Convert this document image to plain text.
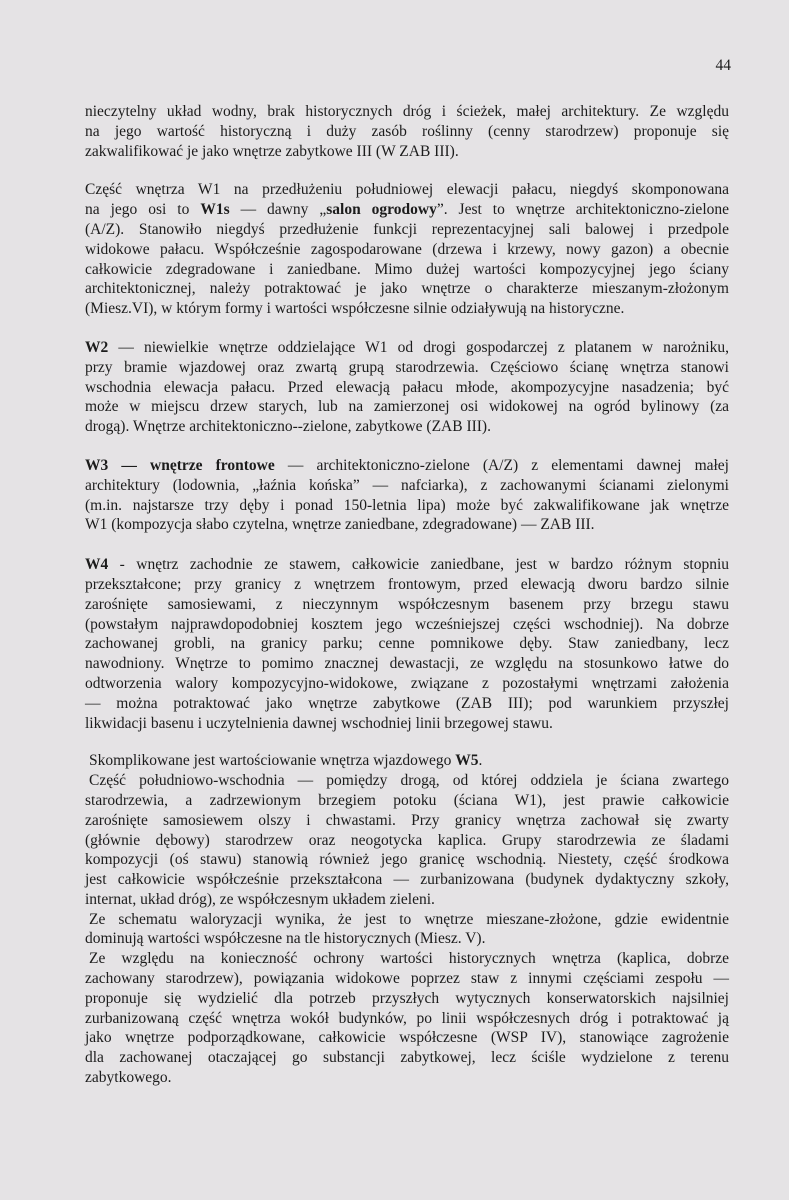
44

nieczytelny układ wodny, brak historycznych dróg i ścieżek, małej architektury. Ze względu

na jego wartość historyczną i duży zasób roślinny (cenny starodrzew) proponuje się

zakwalifikować je jako wnętrze zabytkowe III (W ZAB III).

Część wnętrza W1 na przedłużeniu południowej elewacji pałacu, niegdyś skomponowana

na jego osi to W1s — dawny „salon ogrodowy”. Jest to wnętrze architektoniczno-zielone

(A/Z). Stanowiło niegdyś przedłużenie funkcji reprezentacyjnej sali balowej i przedpole

widokowe pałacu. Współcześnie zagospodarowane (drzewa i krzewy, nowy gazon) a obecnie

całkowicie zdegradowane i zaniedbane. Mimo dużej wartości kompozycyjnej jego ściany

architektonicznej, należy potraktować je jako wnętrze o charakterze mieszanym-złożonym

(Miesz.VI), w którym formy i wartości współczesne silnie odziaływują na historyczne.

W2 — niewielkie wnętrze oddzielające W1 od drogi gospodarczej z platanem w narożniku,

przy bramie wjazdowej oraz zwartą grupą starodrzewia. Częściowo ścianę wnętrza stanowi

wschodnia elewacja pałacu. Przed elewacją pałacu młode, akompozycyjne nasadzenia; być

może w miejscu drzew starych, lub na zamierzonej osi widokowej na ogród bylinowy (za

drogą). Wnętrze architektoniczno--zielone, zabytkowe (ZAB III).

W3 — wnętrze frontowe — architektoniczno-zielone (A/Z) z elementami dawnej małej

architektury (lodownia, „łaźnia końska” — nafciarka), z zachowanymi ścianami zielonymi

(m.in. najstarsze trzy dęby i ponad 150-letnia lipa) może być zakwalifikowane jak wnętrze

W1 (kompozycja słabo czytelna, wnętrze zaniedbane, zdegradowane) — ZAB III.

W4 - wnętrz zachodnie ze stawem, całkowicie zaniedbane, jest w bardzo różnym stopniu

przekształcone; przy granicy z wnętrzem frontowym, przed elewacją dworu bardzo silnie

zarośnięte samosiewami, z nieczynnym współczesnym basenem przy brzegu stawu

(powstałym najprawdopodobniej kosztem jego wcześniejszej części wschodniej). Na dobrze

zachowanej grobli, na granicy parku; cenne pomnikowe dęby. Staw zaniedbany, lecz

nawodniony. Wnętrze to pomimo znacznej dewastacji, ze względu na stosunkowo łatwe do

odtworzenia walory kompozycyjno-widokowe, związane z pozostałymi wnętrzami założenia

— można potraktować jako wnętrze zabytkowe (ZAB III); pod warunkiem przyszłej

likwidacji basenu i uczytelnienia dawnej wschodniej linii brzegowej stawu.

Skomplikowane jest wartościowanie wnętrza wjazdowego W5.

Część południowo-wschodnia — pomiędzy drogą, od której oddziela je ściana zwartego

starodrzewia, a zadrzewionym brzegiem potoku (ściana W1), jest prawie całkowicie

zarośnięte samosiewem olszy i chwastami. Przy granicy wnętrza zachował się zwarty

(głównie dębowy) starodrzew oraz neogotycka kaplica. Grupy starodrzewia ze śladami

kompozycji (oś stawu) stanowią również jego granicę wschodnią. Niestety, część środkowa

jest całkowicie współcześnie przekształcona — zurbanizowana (budynek dydaktyczny szkoły,

internat, układ dróg), ze współczesnym układem zieleni.

Ze schematu waloryzacji wynika, że jest to wnętrze mieszane-złożone, gdzie ewidentnie

dominują wartości współczesne na tle historycznych (Miesz. V).

Ze względu na konieczność ochrony wartości historycznych wnętrza (kaplica, dobrze

zachowany starodrzew), powiązania widokowe poprzez staw z innymi częściami zespołu —

proponuje się wydzielić dla potrzeb przyszłych wytycznych konserwatorskich najsilniej

zurbanizowaną część wnętrza wokół budynków, po linii współczesnych dróg i potraktować ją

jako wnętrze podporządkowane, całkowicie współczesne (WSP IV), stanowiące zagrożenie

dla zachowanej otaczającej go substancji zabytkowej, lecz ściśle wydzielone z terenu

zabytkowego.
